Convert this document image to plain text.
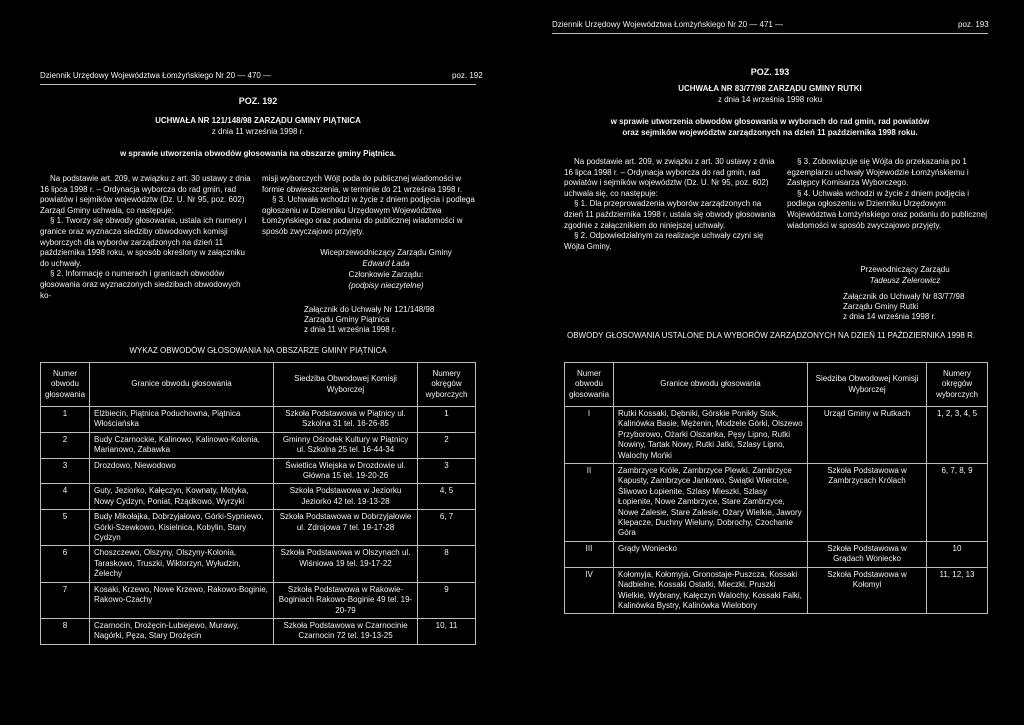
Dziennik Urzędowy Województwa Łomżyńskiego Nr 20 — 470 —	poz. 192
POZ. 192
UCHWAŁA NR 121/148/98 ZARZĄDU GMINY PIĄTNICA
z dnia 11 września 1998 r.
w sprawie utworzenia obwodów głosowania na obszarze gminy Piątnica.

Na podstawie art. 209, w związku z art. 30 ustawy z dnia 16 lipca 1998 r. – Ordynacja wyborcza do rad gmin, rad powiatów i sejmików województw (Dz. U. Nr 95, poz. 602) Zarząd Gminy uchwala, co następuje:

§ 1. Tworzy się obwody głosowania, ustala ich numery i granice oraz wyznacza siedziby obwodowych komisji wyborczych dla wyborów zarządzonych na dzień 11 października 1998 roku, w sposób określony w załączniku do uchwały.

§ 2. Informację o numerach i granicach obwodów głosowania oraz wyznaczonych siedzibach obwodowych ko-

misji wyborczych Wójt poda do publicznej wiadomości w formie obwieszczenia, w terminie do 21 września 1998 r.

§ 3. Uchwała wchodzi w życie z dniem podjęcia i podlega ogłoszeniu w Dzienniku Urzędowym Województwa Łomżyńskiego oraz podaniu do publicznej wiadomości w sposób zwyczajowo przyjęty.

Wiceprzewodniczący Zarządu Gminy
Edward Łada
Członkowie Zarządu:
(podpisy nieczytelne)
Załącznik do Uchwały Nr 121/148/98
Zarządu Gminy Piątnica
z dnia 11 września 1998 r.
WYKAZ OBWODÓW GŁOSOWANIA NA OBSZARZE GMINY PIĄTNICA
Numer obwodu głosowania	Granice obwodu głosowania	Siedziba Obwodowej Komisji Wyborczej	Numery okręgów wyborczych
1	Elżbiecin, Piątnica Poduchowna, Piątnica Włościańska	Szkoła Podstawowa w Piątnicy ul. Szkolna 31 tel. 16-26-85	1
2	Budy Czarnockie, Kalinowo, Kalinowo-Kolonia, Marianowo, Zabawka	Gminny Ośrodek Kultury w Piątnicy ul. Szkolna 25 tel. 16-44-34	2
3	Drozdowo, Niewodowo	Świetlica Wiejska w Drozdowie ul. Główna 15 tel. 19-20-26	3
4	Guty, Jeziorko, Kałęczyn, Kownaty, Motyka, Nowy Cydzyn, Poniat, Rządkowo, Wyrzyki	Szkoła Podstawowa w Jeziorku Jeziorko 42 tel. 19-13-28	4, 5
5	Budy Mikołajka, Dobrzyjałowo, Górki-Sypniewo, Górki-Szewkowo, Kisielnica, Kobylin, Stary Cydzyn	Szkoła Podstawowa w Dobrzyjałowie ul. Zdrojowa 7 tel. 19-17-28	6, 7
6	Choszczewo, Olszyny, Olszyny-Kolonia, Taraskowo, Truszki, Wiktorzyn, Wyłudzin, Żelechy	Szkoła Podstawowa w Olszynach ul. Wiśniowa 19 tel. 19-17-22	8
7	Kosaki, Krzewo, Nowe Krzewo, Rakowo-Boginie, Rakowo-Czachy	Szkoła Podstawowa w Rakowie-Boginiach Rakowo-Boginie 49 tel. 19-20-79	9
8	Czarnocin, Drożęcin-Lubiejewo, Murawy, Nagórki, Pęza, Stary Drożęcin	Szkoła Podstawowa w Czarnocinie Czarnocin 72 tel. 19-13-25	10, 11
Dziennik Urzędowy Województwa Łomżyńskiego Nr 20 — 471 —	poz. 193
POZ. 193
UCHWAŁA NR 83/77/98 ZARZĄDU GMINY RUTKI
z dnia 14 września 1998 roku
w sprawie utworzenia obwodów głosowania w wyborach do rad gmin, rad powiatów
oraz sejmików województw zarządzonych na dzień 11 października 1998 roku.

Na podstawie art. 209, w związku z art. 30 ustawy z dnia 16 lipca 1998 r. – Ordynacja wyborcza do rad gmin, rad powiatów i sejmików województw (Dz. U. Nr 95, poz. 602) uchwala się, co następuje:

§ 1. Dla przeprowadzenia wyborów zarządzonych na dzień 11 października 1998 r. ustala się obwody głosowania zgodnie z załącznikiem do niniejszej uchwały.

§ 2. Odpowiedzialnym za realizacje uchwały czyni się Wójta Gminy.

§ 3. Zobowiązuje się Wójta do przekazania po 1 egzemplarzu uchwały Wojewodzie Łomżyńskiemu i Zastępcy Komisarza Wyborczego.

§ 4. Uchwała wchodzi w życie z dniem podjęcia i podlega ogłoszeniu w Dzienniku Urzędowym Województwa Łomżyńskiego oraz podaniu do publicznej wiadomości w sposób zwyczajowo przyjęty.

Przewodniczący Zarządu
Tadeusz Żelerowicz
Załącznik do Uchwały Nr 83/77/98
Zarządu Gminy Rutki
z dnia 14 września 1998 r.
OBWODY GŁOSOWANIA USTALONE DLA WYBORÓW ZARZĄDZONYCH NA DZIEŃ 11 PAŹDZIERNIKA 1998 R.
Numer obwodu głosowania	Granice obwodu głosowania	Siedziba Obwodowej Komisji Wyborczej	Numery okręgów wyborczych
I	Rutki Kossaki, Dębniki, Górskie Ponikły Stok, Kalinówka Basie, Mężenin, Modzele Górki, Olszewo Przyborowo, Ożarki Olszanka, Pęsy Lipno, Rutki Nowiny, Tartak Nowy, Rutki Jatki, Szlasy Lipno, Walochy Mońki	Urząd Gminy w Rutkach	1, 2, 3, 4, 5
II	Zambrzyce Króle, Zambrzyce Plewki, Zambrzyce Kapusty, Zambrzyce Jankowo, Świątki Wiercice, Śliwowo Łopienite, Szlasy Mieszki, Szlasy Łopienite, Nowe Zambrzyce, Stare Zambrzyce, Nowe Zalesie, Stare Zalesie, Ożary Wielkie, Jawory Klepacze, Duchny Wieluny, Dobrochy, Czochanie Góra	Szkoła Podstawowa w Zambrzycach Królach	6, 7, 8, 9
III	Grądy Woniecko	Szkoła Podstawowa w Grądach Woniecko	10
IV	Kołomyja, Kołomyja, Gronostaje-Puszcza, Kossaki Nadbielne, Kossaki Ostatki, Mieczki, Pruszki Wielkie, Wybrany, Kałęczyn Walochy, Kossaki Falki, Kalinówka Bystry, Kalinówka Wielobory	Szkoła Podstawowa w Kołomyi	11, 12, 13
